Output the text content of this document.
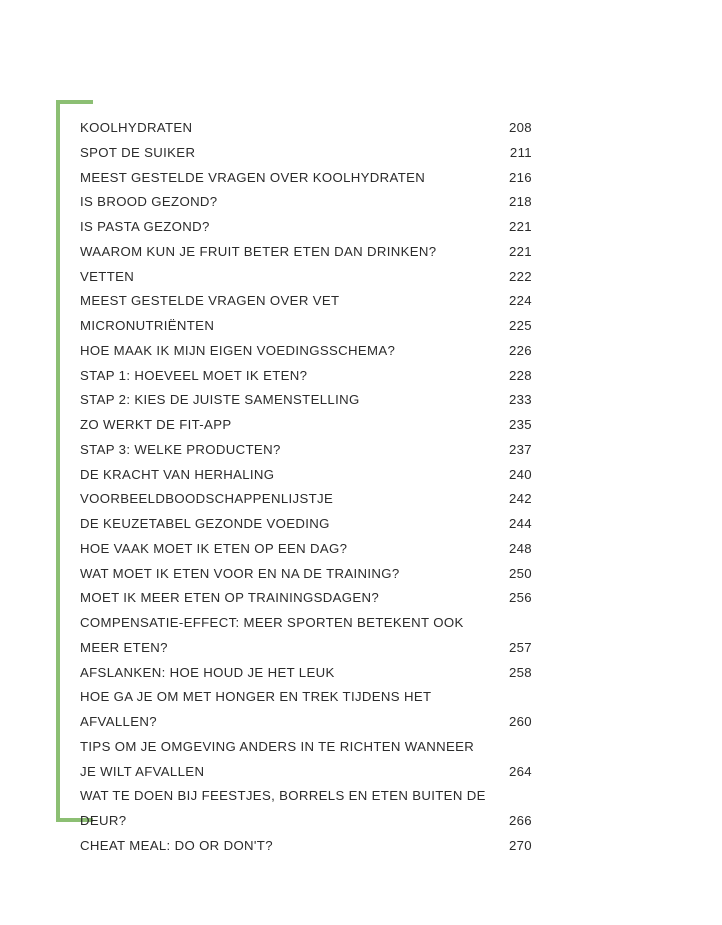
KOOLHYDRATEN	208
SPOT DE SUIKER	211
MEEST GESTELDE VRAGEN OVER KOOLHYDRATEN	216
IS BROOD GEZOND?	218
IS PASTA GEZOND?	221
WAAROM KUN JE FRUIT BETER ETEN DAN DRINKEN?	221
VETTEN	222
MEEST GESTELDE VRAGEN OVER VET	224
MICRONUTRIËNTEN	225
HOE MAAK IK MIJN EIGEN VOEDINGSSCHEMA?	226
STAP 1: HOEVEEL MOET IK ETEN?	228
STAP 2: KIES DE JUISTE SAMENSTELLING	233
ZO WERKT DE FIT-APP	235
STAP 3: WELKE PRODUCTEN?	237
DE KRACHT VAN HERHALING	240
VOORBEELDBOODSCHAPPENLIJSTJE	242
DE KEUZETABEL GEZONDE VOEDING	244
HOE VAAK MOET IK ETEN OP EEN DAG?	248
WAT MOET IK ETEN VOOR EN NA DE TRAINING?	250
MOET IK MEER ETEN OP TRAININGSDAGEN?	256
COMPENSATIE-EFFECT: MEER SPORTEN BETEKENT OOK MEER ETEN?	257
AFSLANKEN: HOE HOUD JE HET LEUK	258
HOE GA JE OM MET HONGER EN TREK TIJDENS HET AFVALLEN?	260
TIPS OM JE OMGEVING ANDERS IN TE RICHTEN WANNEER JE WILT AFVALLEN	264
WAT TE DOEN BIJ FEESTJES, BORRELS EN ETEN BUITEN DE DEUR?	266
CHEAT MEAL: DO OR DON'T?	270
